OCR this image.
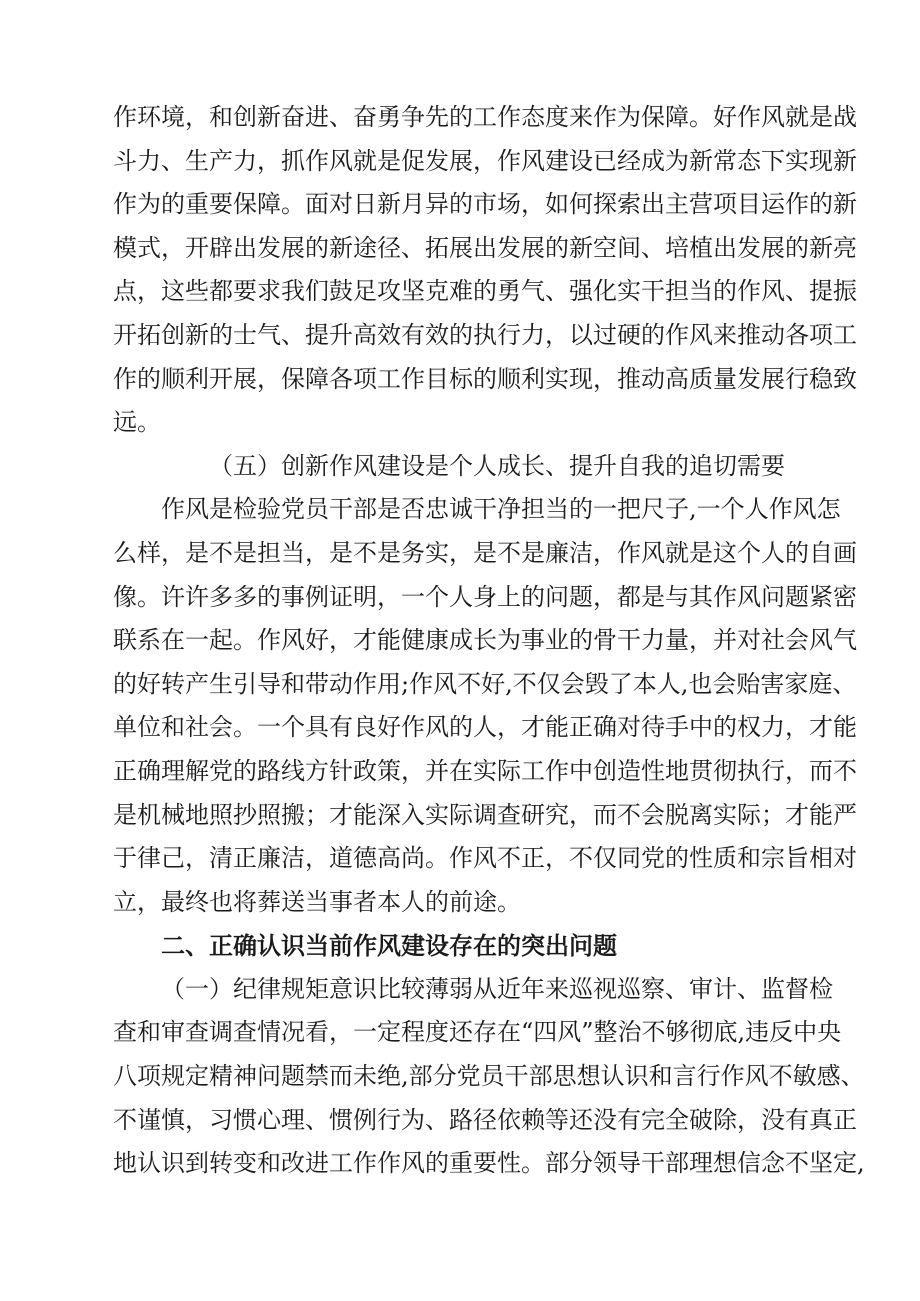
作环境，和创新奋进、奋勇争先的工作态度来作为保障。好作风就是战
斗力、生产力，抓作风就是促发展，作风建设已经成为新常态下实现新
作为的重要保障。面对日新月异的市场，如何探索出主营项目运作的新
模式，开辟出发展的新途径、拓展出发展的新空间、培植出发展的新亮
点，这些都要求我们鼓足攻坚克难的勇气、强化实干担当的作风、提振
开拓创新的士气、提升高效有效的执行力，以过硬的作风来推动各项工
作的顺利开展，保障各项工作目标的顺利实现，推动高质量发展行稳致
远。
（五）创新作风建设是个人成长、提升自我的追切需要
作风是检验党员干部是否忠诚干净担当的一把尺子,一个人作风怎
么样，是不是担当，是不是务实，是不是廉洁，作风就是这个人的自画
像。许许多多的事例证明，一个人身上的问题，都是与其作风问题紧密
联系在一起。作风好，才能健康成长为事业的骨干力量，并对社会风气
的好转产生引导和带动作用;作风不好,不仅会毁了本人,也会贻害家庭、
单位和社会。一个具有良好作风的人，才能正确对待手中的权力，才能
正确理解党的路线方针政策，并在实际工作中创造性地贯彻执行，而不
是机械地照抄照搬；才能深入实际调查研究，而不会脱离实际；才能严
于律己，清正廉洁，道德高尚。作风不正，不仅同党的性质和宗旨相对
立，最终也将葬送当事者本人的前途。
二、正确认识当前作风建设存在的突出问题
（一）纪律规矩意识比较薄弱从近年来巡视巡察、审计、监督检
查和审查调查情况看，一定程度还存在“四风”整治不够彻底,违反中央
八项规定精神问题禁而未绝,部分党员干部思想认识和言行作风不敏感、
不谨慎，习惯心理、惯例行为、路径依赖等还没有完全破除，没有真正
地认识到转变和改进工作作风的重要性。部分领导干部理想信念不坚定,
